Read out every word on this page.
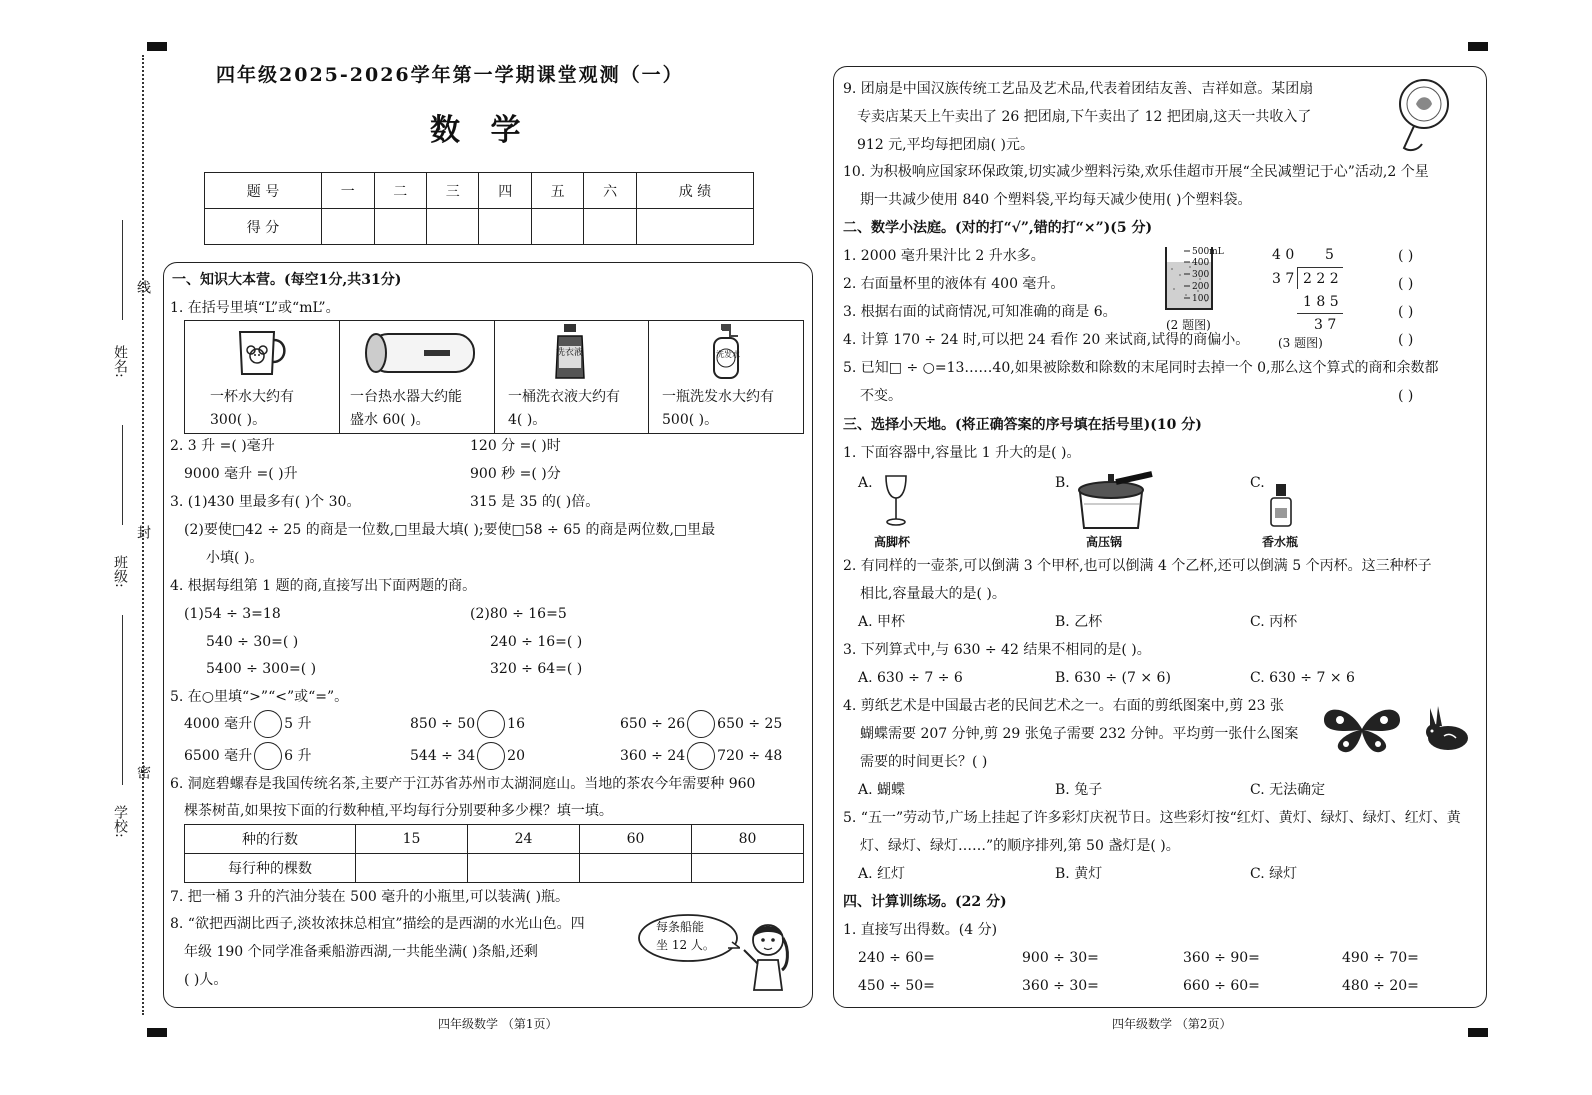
姓名:
线
班级:
封
学校:
密
四年级2025-2026学年第一学期课堂观测（一）
数 学
题 号	一	二	三	四	五	六	成 绩
得 分							
一、知识大本营。(每空1分,共31分)
1. 在括号里填“L”或“mL”。
洗衣液	洗发水
一杯水大约有
300( )。
一台热水器大约能
盛水 60( )。
一桶洗衣液大约有
4( )。
一瓶洗发水大约有
500( )。
2. 3 升 =( )毫升	120 分 =( )时
9000 毫升 =( )升	900 秒 =( )分
3. (1)430 里最多有( )个 30。	315 是 35 的( )倍。
(2)要使□42 ÷ 25 的商是一位数,□里最大填( );要使□58 ÷ 65 的商是两位数,□里最
小填( )。
4. 根据每组第 1 题的商,直接写出下面两题的商。
(1)54 ÷ 3=18
540 ÷ 30=( )
5400 ÷ 300=( )
(2)80 ÷ 16=5
240 ÷ 16=( )
320 ÷ 64=( )
5. 在○里填“>”“<”或“=”。
4000 毫升 5 升	850 ÷ 50 16	650 ÷ 26 650 ÷ 25
6500 毫升 6 升	544 ÷ 34 20	360 ÷ 24 720 ÷ 48
6. 洞庭碧螺春是我国传统名茶,主要产于江苏省苏州市太湖洞庭山。当地的茶农今年需要种 960
棵茶树苗,如果按下面的行数种植,平均每行分别要种多少棵？填一填。
种的行数	15	24	60	80
每行种的棵数				
7. 把一桶 3 升的汽油分装在 500 毫升的小瓶里,可以装满( )瓶。
8. “欲把西湖比西子,淡妆浓抹总相宜”描绘的是西湖的水光山色。四
年级 190 个同学准备乘船游西湖,一共能坐满( )条船,还剩
( )人。
每条船能
坐 12 人。
9. 团扇是中国汉族传统工艺品及艺术品,代表着团结友善、吉祥如意。某团扇
专卖店某天上午卖出了 26 把团扇,下午卖出了 12 把团扇,这天一共收入了
912 元,平均每把团扇( )元。
10. 为积极响应国家环保政策,切实减少塑料污染,欢乐佳超市开展“全民减塑记于心”活动,2 个星
期一共减少使用 840 个塑料袋,平均每天减少使用( )个塑料袋。
二、数学小法庭。(对的打“√”,错的打“×”)(5 分)
1. 2000 毫升果汁比 2 升水多。
2. 右面量杯里的液体有 400 毫升。
3. 根据右面的试商情况,可知准确的商是 6。
4. 计算 170 ÷ 24 时,可以把 24 看作 20 来试商,试得的商偏小。
5. 已知□ ÷ ○=13……40,如果被除数和除数的末尾同时去掉一个 0,那么这个算式的商和余数都
不变。
( )
( )
( )
( )
( )
500mL
400
300
200
100
(2 题图)
4 0 5
3 7 2 2 2
1 8 5
3 7
(3 题图)
三、选择小天地。(将正确答案的序号填在括号里)(10 分)
1. 下面容器中,容量比 1 升大的是( )。
A.	B.	C.
高脚杯	高压锅	香水瓶
2. 有同样的一壶茶,可以倒满 3 个甲杯,也可以倒满 4 个乙杯,还可以倒满 5 个丙杯。这三种杯子
相比,容量最大的是( )。
A. 甲杯	B. 乙杯	C. 丙杯
3. 下列算式中,与 630 ÷ 42 结果不相同的是( )。
A. 630 ÷ 7 ÷ 6	B. 630 ÷ (7 × 6)	C. 630 ÷ 7 × 6
4. 剪纸艺术是中国最古老的民间艺术之一。右面的剪纸图案中,剪 23 张
蝴蝶需要 207 分钟,剪 29 张兔子需要 232 分钟。平均剪一张什么图案
需要的时间更长？( )
A. 蝴蝶	B. 兔子	C. 无法确定
5. “五一”劳动节,广场上挂起了许多彩灯庆祝节日。这些彩灯按“红灯、黄灯、绿灯、绿灯、红灯、黄
灯、绿灯、绿灯……”的顺序排列,第 50 盏灯是( )。
A. 红灯	B. 黄灯	C. 绿灯
四、计算训练场。(22 分)
1. 直接写出得数。(4 分)
240 ÷ 60=	900 ÷ 30=	360 ÷ 90=	490 ÷ 70=
450 ÷ 50=	360 ÷ 30=	660 ÷ 60=	480 ÷ 20=
四年级数学 （第1页）	四年级数学 （第2页）
